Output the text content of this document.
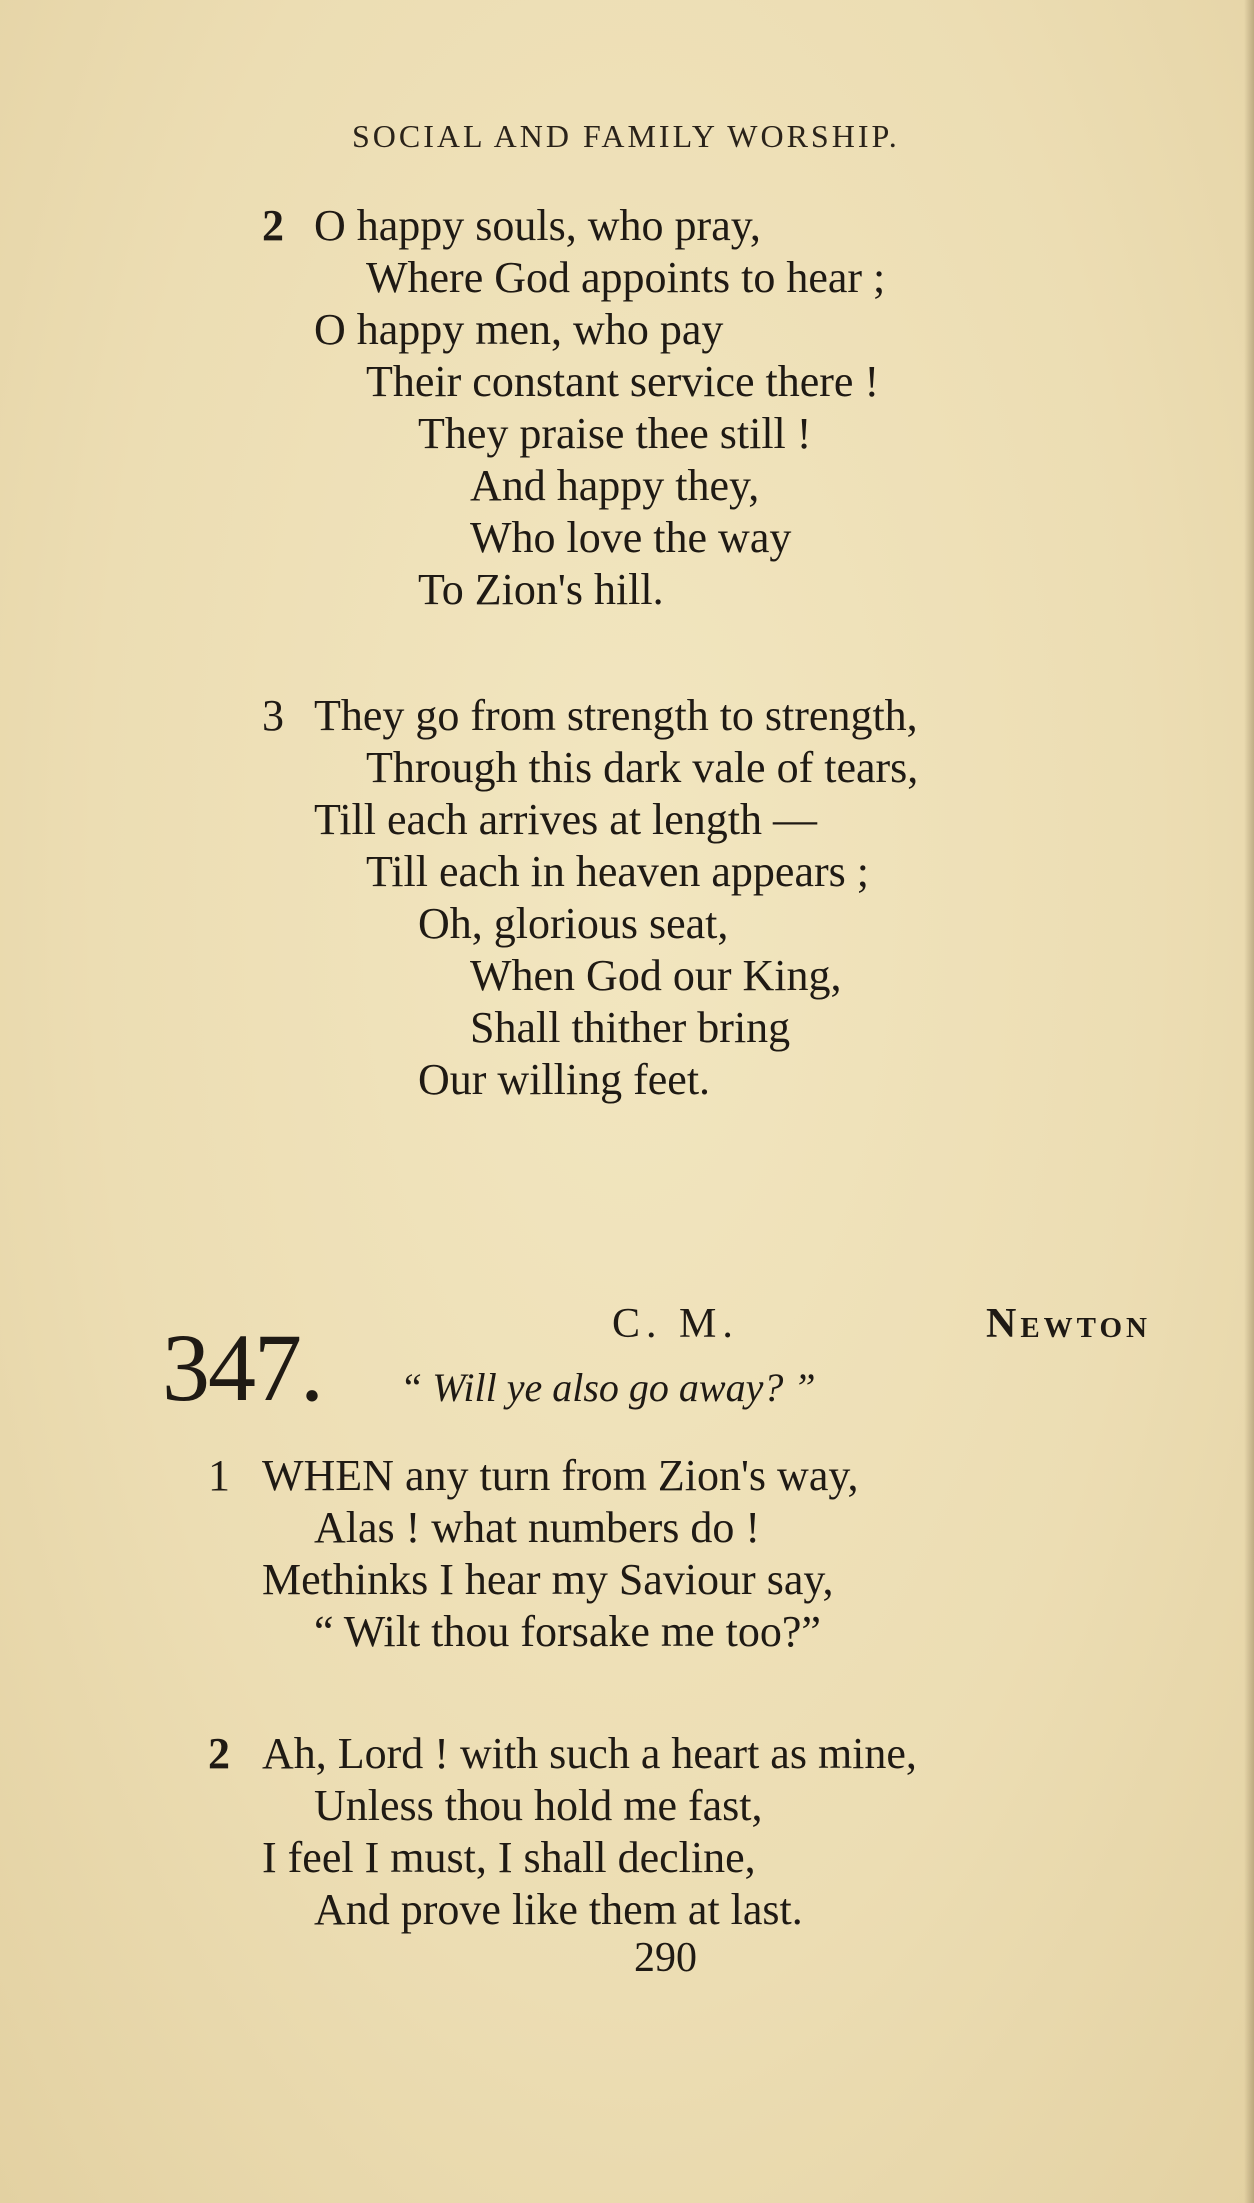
SOCIAL AND FAMILY WORSHIP.
2 O happy souls, who pray,
Where God appoints to hear ;
O happy men, who pay
Their constant service there !
They praise thee still !
And happy they,
Who love the way
To Zion's hill.
3 They go from strength to strength,
Through this dark vale of tears,
Till each arrives at length —
Till each in heaven appears ;
Oh, glorious seat,
When God our King,
Shall thither bring
Our willing feet.
347.	C. M.	Newton
“ Will ye also go away? ”
1 WHEN any turn from Zion's way,
Alas ! what numbers do !
Methinks I hear my Saviour say,
“ Wilt thou forsake me too?”
2 Ah, Lord ! with such a heart as mine,
Unless thou hold me fast,
I feel I must, I shall decline,
And prove like them at last.
290
